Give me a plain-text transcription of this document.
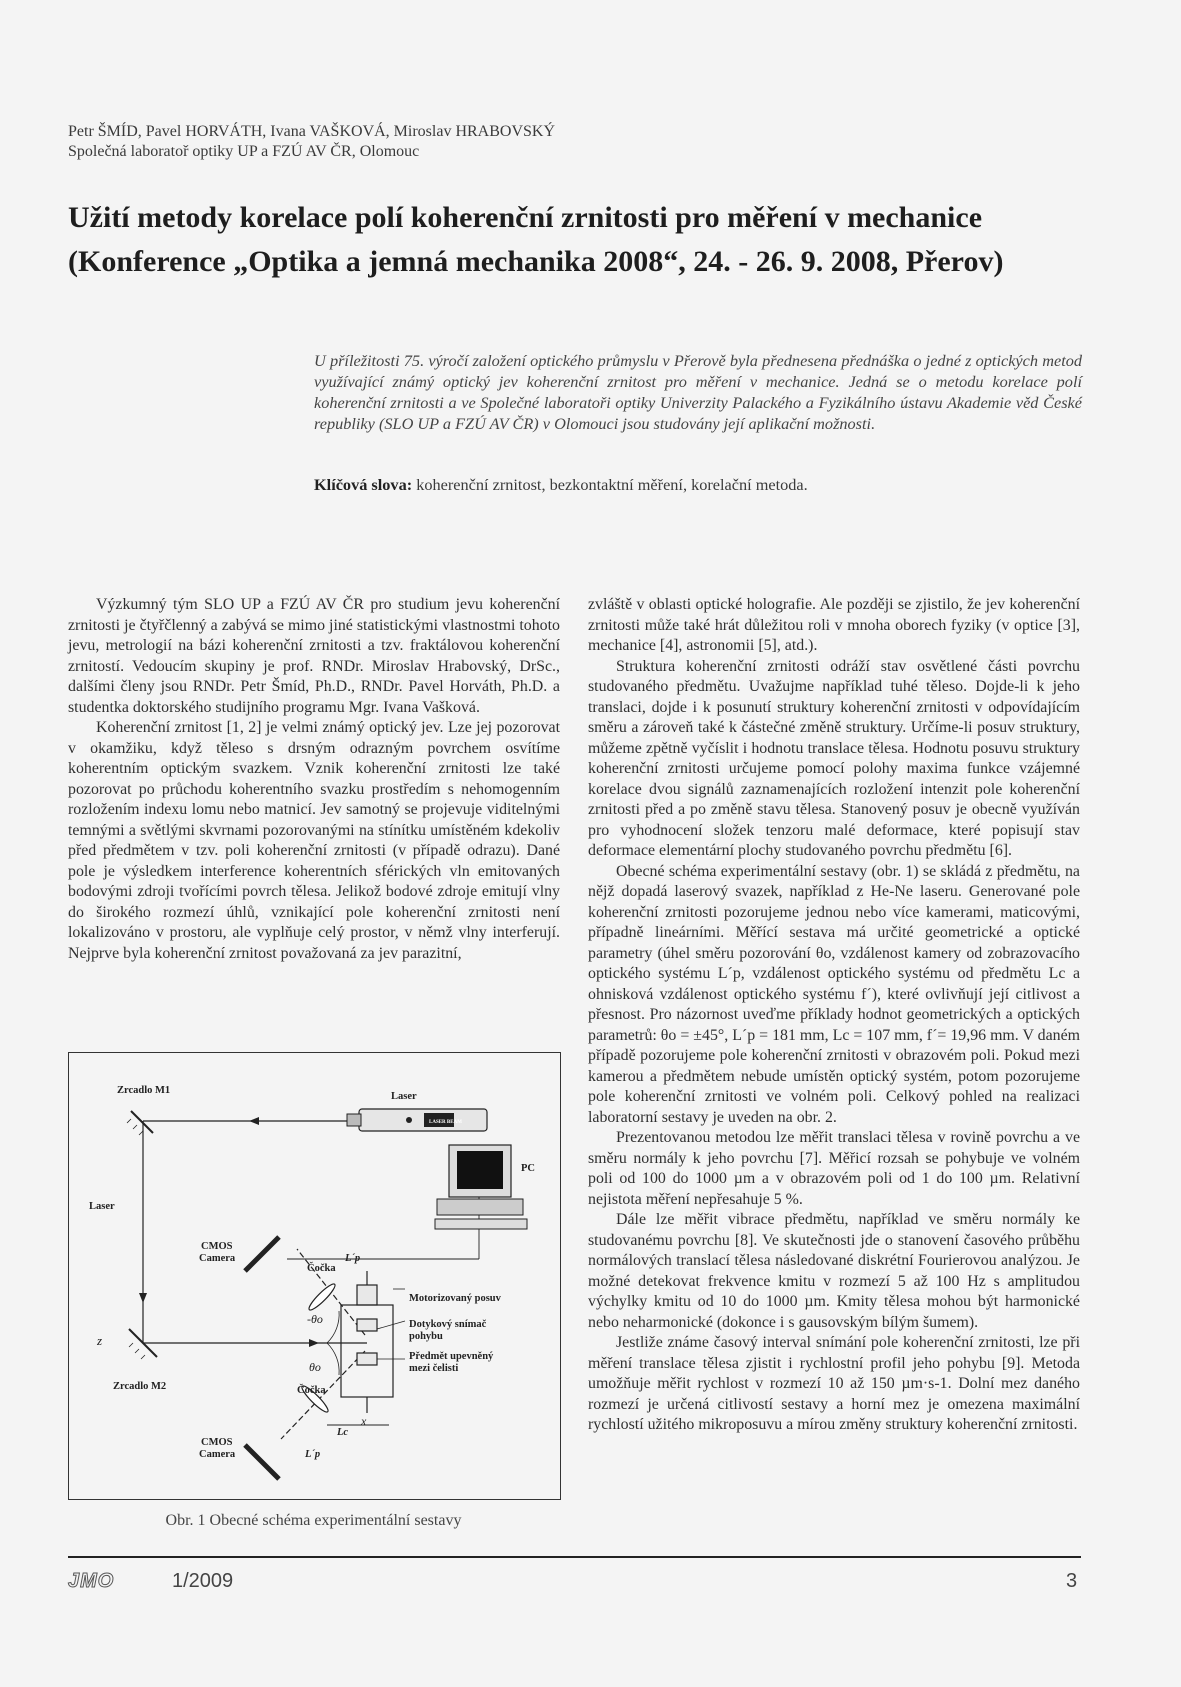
Petr ŠMÍD, Pavel HORVÁTH, Ivana VAŠKOVÁ, Miroslav HRABOVSKÝ
Společná laboratoř optiky UP a FZÚ AV ČR, Olomouc
Užití metody korelace polí koherenční zrnitosti pro měření v mechanice
(Konference „Optika a jemná mechanika 2008“, 24. - 26. 9. 2008, Přerov)
U příležitosti 75. výročí založení optického průmyslu v Přerově byla přednesena přednáška o jedné z optických metod využívající známý optický jev koherenční zrnitost pro měření v mechanice. Jedná se o metodu korelace polí koherenční zrnitosti a ve Společné laboratoři optiky Univerzity Palackého a Fyzikálního ústavu Akademie věd České republiky (SLO UP a FZÚ AV ČR) v Olomouci jsou studovány její aplikační možnosti.
Klíčová slova: koherenční zrnitost, bezkontaktní měření, korelační metoda.

Výzkumný tým SLO UP a FZÚ AV ČR pro studium jevu koherenční zrnitosti je čtyřčlenný a zabývá se mimo jiné statistickými vlastnostmi tohoto jevu, metrologií na bázi koherenční zrnitosti a tzv. fraktálovou koherenční zrnitostí. Vedoucím skupiny je prof. RNDr. Miroslav Hrabovský, DrSc., dalšími členy jsou RNDr. Petr Šmíd, Ph.D., RNDr. Pavel Horváth, Ph.D. a studentka doktorského studijního programu Mgr. Ivana Vašková.

Koherenční zrnitost [1, 2] je velmi známý optický jev. Lze jej pozorovat v okamžiku, když těleso s drsným odrazným povrchem osvítíme koherentním optickým svazkem. Vznik koherenční zrnitosti lze také pozorovat po průchodu koherentního svazku prostředím s nehomogenním rozložením indexu lomu nebo matnicí. Jev samotný se projevuje viditelnými temnými a světlými skvrnami pozorovanými na stínítku umístěném kdekoliv před předmětem v tzv. poli koherenční zrnitosti (v případě odrazu). Dané pole je výsledkem interference koherentních sférických vln emitovaných bodovými zdroji tvořícími povrch tělesa. Jelikož bodové zdroje emitují vlny do širokého rozmezí úhlů, vznikající pole koherenční zrnitosti není lokalizováno v prostoru, ale vyplňuje celý prostor, v němž vlny interferují. Nejprve byla koherenční zrnitost považovaná za jev parazitní,

zvláště v oblasti optické holografie. Ale později se zjistilo, že jev koherenční zrnitosti může také hrát důležitou roli v mnoha oborech fyziky (v optice [3], mechanice [4], astronomii [5], atd.).

Struktura koherenční zrnitosti odráží stav osvětlené části povrchu studovaného předmětu. Uvažujme například tuhé těleso. Dojde-li k jeho translaci, dojde i k posunutí struktury koherenční zrnitosti v odpovídajícím směru a zároveň také k částečné změně struktury. Určíme-li posuv struktury, můžeme zpětně vyčíslit i hodnotu translace tělesa. Hodnotu posuvu struktury koherenční zrnitosti určujeme pomocí polohy maxima funkce vzájemné korelace dvou signálů zaznamenajících rozložení intenzit pole koherenční zrnitosti před a po změně stavu tělesa. Stanovený posuv je obecně využíván pro vyhodnocení složek tenzoru malé deformace, které popisují stav deformace elementární plochy studovaného povrchu předmětu [6].

Obecné schéma experimentální sestavy (obr. 1) se skládá z předmětu, na nějž dopadá laserový svazek, například z He-Ne laseru. Generované pole koherenční zrnitosti pozorujeme jednou nebo více kamerami, maticovými, případně lineárními. Měřící sestava má určité geometrické a optické parametry (úhel směru pozorování θo, vzdálenost kamery od zobrazovacího optického systému L´p, vzdálenost optického systému od předmětu Lc a ohnisková vzdálenost optického systému f´), které ovlivňují její citlivost a přesnost. Pro názornost uveďme příklady hodnot geometrických a optických parametrů: θo = ±45°, L´p = 181 mm, Lc = 107 mm, f´= 19,96 mm. V daném případě pozorujeme pole koherenční zrnitosti v obrazovém poli. Pokud mezi kamerou a předmětem nebude umístěn optický systém, potom pozorujeme pole koherenční zrnitosti ve volném poli. Celkový pohled na realizaci laboratorní sestavy je uveden na obr. 2.

Prezentovanou metodou lze měřit translaci tělesa v rovině povrchu a ve směru normály k jeho povrchu [7]. Měřicí rozsah se pohybuje ve volném poli od 100 do 1000 µm a v obrazovém poli od 1 do 100 µm. Relativní nejistota měření nepřesahuje 5 %.

Dále lze měřit vibrace předmětu, například ve směru normály ke studovanému povrchu [8]. Ve skutečnosti jde o stanovení časového průběhu normálových translací tělesa následované diskrétní Fourierovou analýzou. Je možné detekovat frekvence kmitu v rozmezí 5 až 100 Hz s amplitudou výchylky kmitu od 10 do 1000 µm. Kmity tělesa mohou být harmonické nebo neharmonické (dokonce i s gausovským bílým šumem).

Jestliže známe časový interval snímání pole koherenční zrnitosti, lze při měření translace tělesa zjistit i rychlostní profil jeho pohybu [9]. Metoda umožňuje měřit rychlost v rozmezí 10 až 150 µm·s-1. Dolní mez daného rozmezí je určená citlivostí sestavy a horní mez je omezena maximální rychlostí užitého mikroposuvu a mírou změny struktury koherenční zrnitosti.

Zrcadlo M1
Laser
LASER BEAM
PC
Laser
CMOS
Camera
Čočka
L´p
Motorizovaný posuv
Dotykový snímač
pohybu
Předmět upevněný
mezi čelisti
-θo
θo
z
x
Zrcadlo M2	Čočka
Lc
CMOS
Camera	L´p
Obr. 1 Obecné schéma experimentální sestavy
JMO	1/2009	3
